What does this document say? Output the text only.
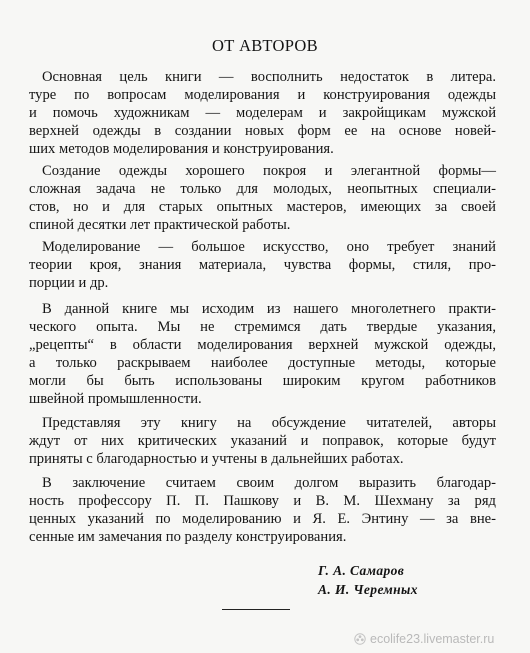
ОТ АВТОРОВ
Основная цель книги — восполнить недостаток в литера.
туре по вопросам моделирования и конструирования одежды
и помочь художникам — моделерам и закройщикам мужской
верхней одежды в создании новых форм ее на основе новей-
ших методов моделирования и конструирования.
Создание одежды хорошего покроя и элегантной формы—
сложная задача не только для молодых, неопытных специали-
стов, но и для старых опытных мастеров, имеющих за своей
спиной десятки лет практической работы.
Моделирование — большое искусство, оно требует знаний
теории кроя, знания материала, чувства формы, стиля, про-
порции и др.
В данной книге мы исходим из нашего многолетнего практи-
ческого опыта. Мы не стремимся дать твердые указания,
„рецепты“ в области моделирования верхней мужской одежды,
а только раскрываем наиболее доступные методы, которые
могли бы быть использованы широким кругом работников
швейной промышленности.
Представляя эту книгу на обсуждение читателей, авторы
ждут от них критических указаний и поправок, которые будут
приняты с благодарностью и учтены в дальнейших работах.
В заключение считаем своим долгом выразить благодар-
ность профессору П. П. Пашкову и В. М. Шехману за ряд
ценных указаний по моделированию и Я. Е. Энтину — за вне-
сенные им замечания по разделу конструирования.
Г. А. Самаров
А. И. Черемных
ecolife23.livemaster.ru
